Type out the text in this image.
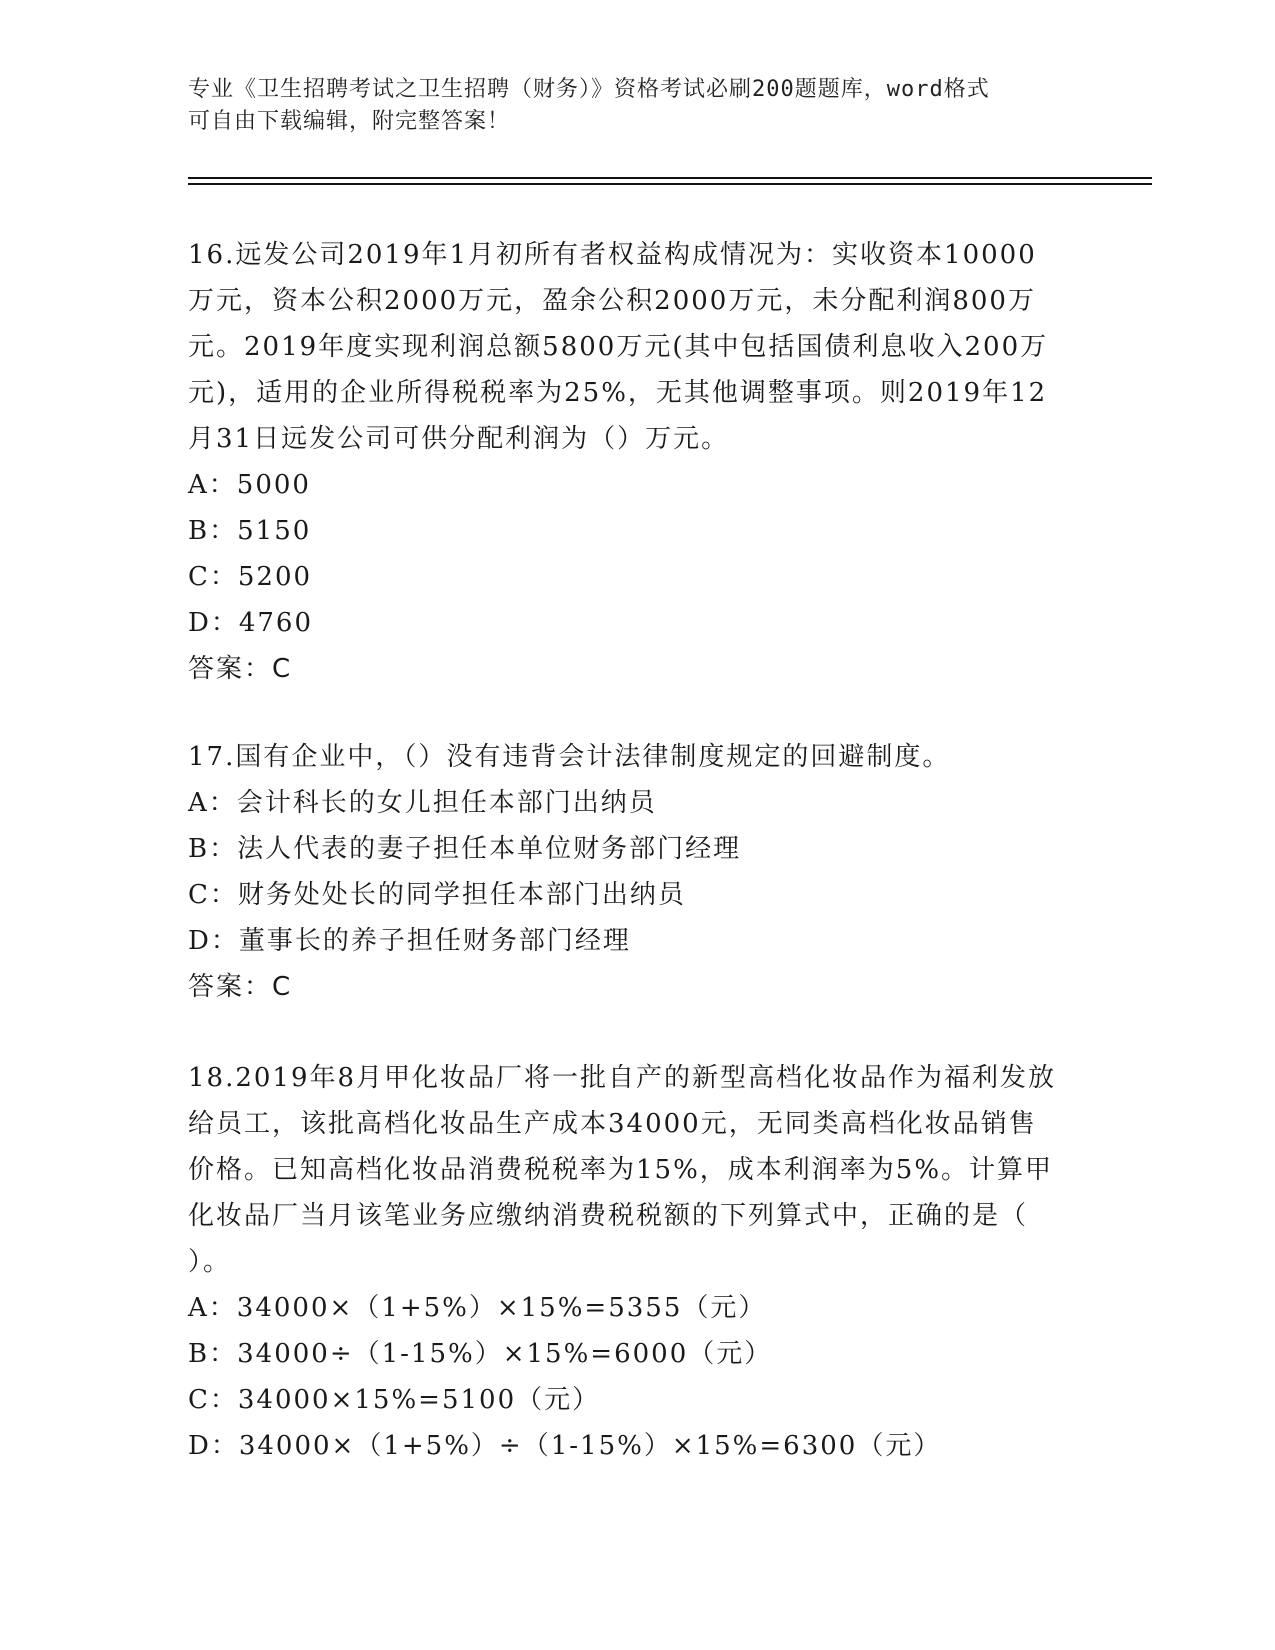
专业《卫生招聘考试之卫生招聘（财务）》资格考试必刷200题题库，word格式
可自由下载编辑，附完整答案！
16.远发公司2019年1月初所有者权益构成情况为：实收资本10000
万元，资本公积2000万元，盈余公积2000万元，未分配利润800万
元。2019年度实现利润总额5800万元(其中包括国债利息收入200万
元)，适用的企业所得税税率为25%，无其他调整事项。则2019年12
月31日远发公司可供分配利润为（）万元。
A：5000
B：5150
C：5200
D：4760
答案：C
17.国有企业中，（）没有违背会计法律制度规定的回避制度。
A：会计科长的女儿担任本部门出纳员
B：法人代表的妻子担任本单位财务部门经理
C：财务处处长的同学担任本部门出纳员
D：董事长的养子担任财务部门经理
答案：C
18.2019年8月甲化妆品厂将一批自产的新型高档化妆品作为福利发放
给员工，该批高档化妆品生产成本34000元，无同类高档化妆品销售
价格。已知高档化妆品消费税税率为15%，成本利润率为5%。计算甲
化妆品厂当月该笔业务应缴纳消费税税额的下列算式中，正确的是（
）。
A：34000×（1+5%）×15%=5355（元）
B：34000÷（1-15%）×15%=6000（元）
C：34000×15%=5100（元）
D：34000×（1+5%）÷（1-15%）×15%=6300（元）
